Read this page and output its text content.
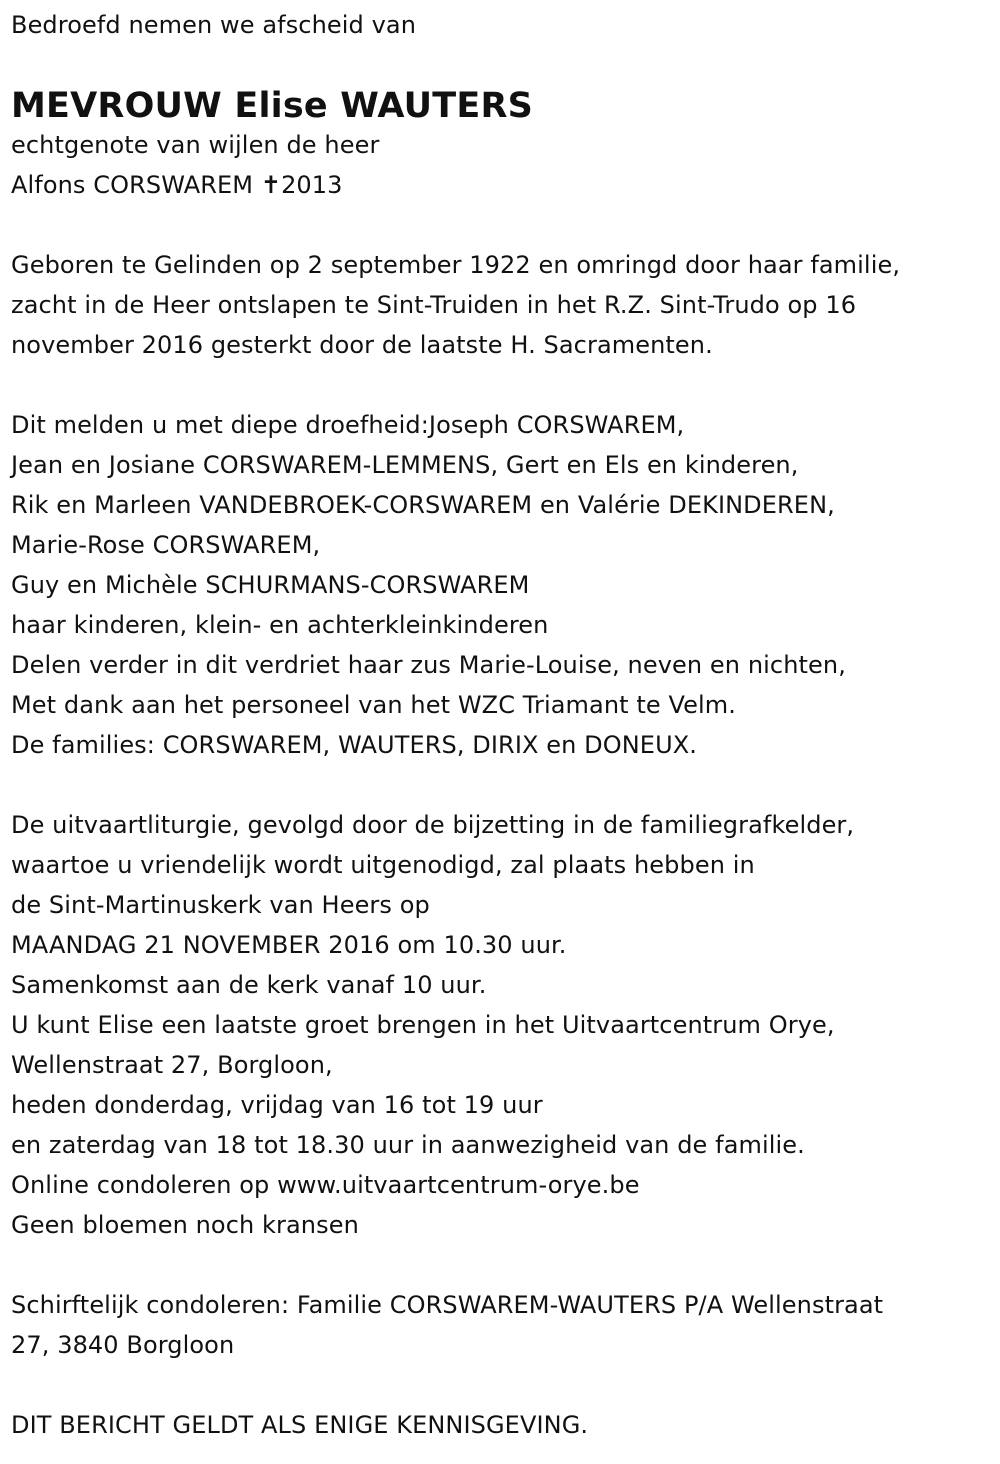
Bedroefd nemen we afscheid van
MEVROUW Elise WAUTERS
echtgenote van wijlen de heer
Alfons CORSWAREM ✝2013
Geboren te Gelinden op 2 september 1922 en omringd door haar familie,
zacht in de Heer ontslapen te Sint-Truiden in het R.Z. Sint-Trudo op 16
november 2016 gesterkt door de laatste H. Sacramenten.
Dit melden u met diepe droefheid:Joseph CORSWAREM,
Jean en Josiane CORSWAREM-LEMMENS, Gert en Els en kinderen,
Rik en Marleen VANDEBROEK-CORSWAREM en Valérie DEKINDEREN,
Marie-Rose CORSWAREM,
Guy en Michèle SCHURMANS-CORSWAREM
haar kinderen, klein- en achterkleinkinderen
Delen verder in dit verdriet haar zus Marie-Louise, neven en nichten,
Met dank aan het personeel van het WZC Triamant te Velm.
De families: CORSWAREM, WAUTERS, DIRIX en DONEUX.
De uitvaartliturgie, gevolgd door de bijzetting in de familiegrafkelder,
waartoe u vriendelijk wordt uitgenodigd, zal plaats hebben in
de Sint-Martinuskerk van Heers op
MAANDAG 21 NOVEMBER 2016 om 10.30 uur.
Samenkomst aan de kerk vanaf 10 uur.
U kunt Elise een laatste groet brengen in het Uitvaartcentrum Orye,
Wellenstraat 27, Borgloon,
heden donderdag, vrijdag van 16 tot 19 uur
en zaterdag van 18 tot 18.30 uur in aanwezigheid van de familie.
Online condoleren op www.uitvaartcentrum-orye.be
Geen bloemen noch kransen
Schirftelijk condoleren: Familie CORSWAREM-WAUTERS P/A Wellenstraat
27, 3840 Borgloon
DIT BERICHT GELDT ALS ENIGE KENNISGEVING.
